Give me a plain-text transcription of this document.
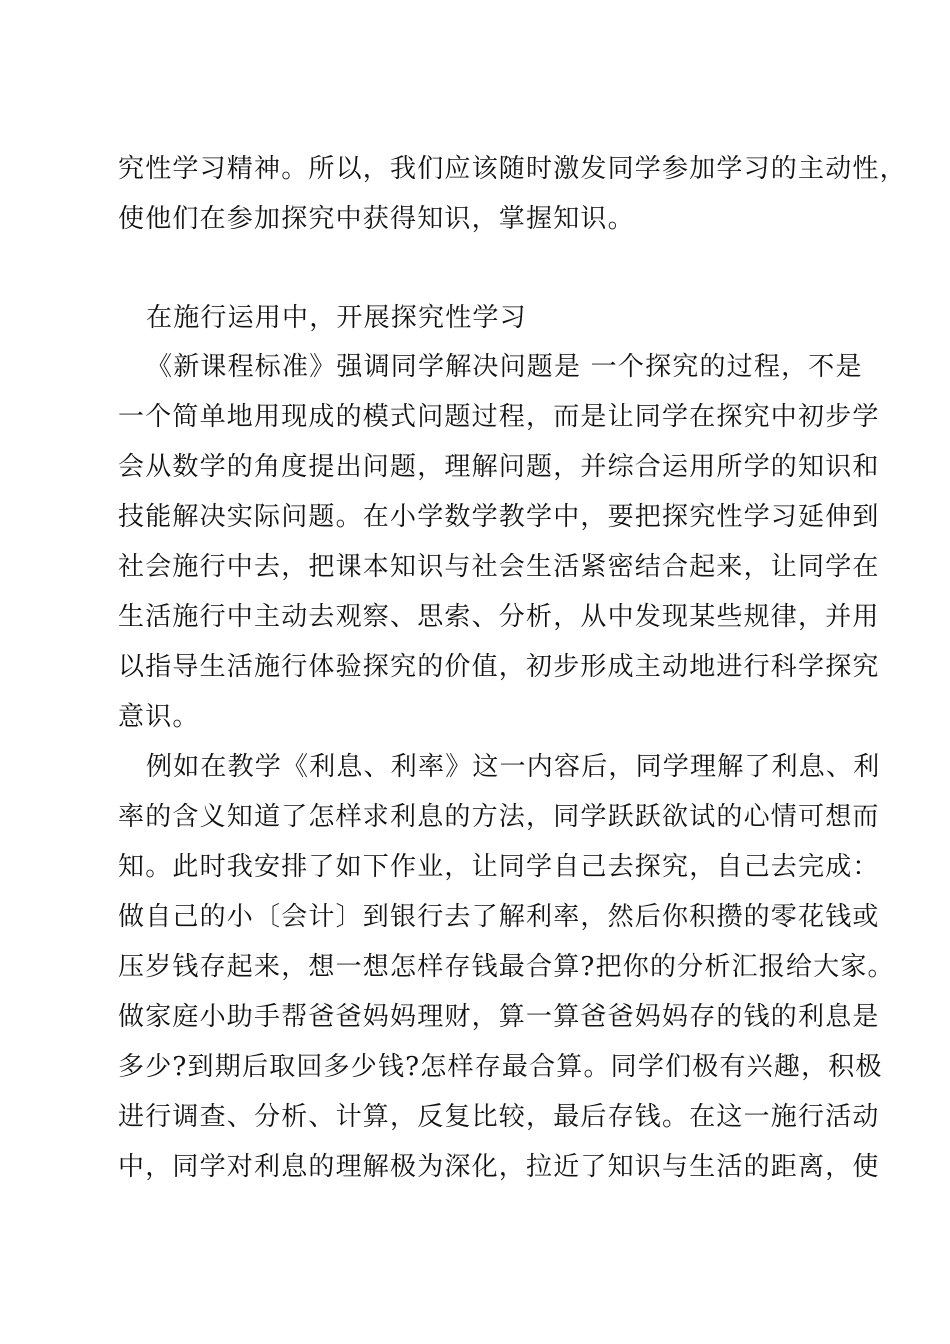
究性学习精神。所以，我们应该随时激发同学参加学习的主动性，
使他们在参加探究中获得知识，掌握知识。
在施行运用中，开展探究性学习
《新课程标准》强调同学解决问题是 一个探究的过程，不是
一个简单地用现成的模式问题过程，而是让同学在探究中初步学
会从数学的角度提出问题，理解问题，并综合运用所学的知识和
技能解决实际问题。在小学数学教学中，要把探究性学习延伸到
社会施行中去，把课本知识与社会生活紧密结合起来，让同学在
生活施行中主动去观察、思索、分析，从中发现某些规律，并用
以指导生活施行体验探究的价值，初步形成主动地进行科学探究
意识。
例如在教学《利息、利率》这一内容后，同学理解了利息、利
率的含义知道了怎样求利息的方法，同学跃跃欲试的心情可想而
知。此时我安排了如下作业，让同学自己去探究，自己去完成：
做自己的小〔会计〕到银行去了解利率，然后你积攒的零花钱或
压岁钱存起来，想一想怎样存钱最合算?把你的分析汇报给大家。
做家庭小助手帮爸爸妈妈理财，算一算爸爸妈妈存的钱的利息是
多少?到期后取回多少钱?怎样存最合算。同学们极有兴趣，积极
进行调查、分析、计算，反复比较，最后存钱。在这一施行活动
中，同学对利息的理解极为深化，拉近了知识与生活的距离，使
